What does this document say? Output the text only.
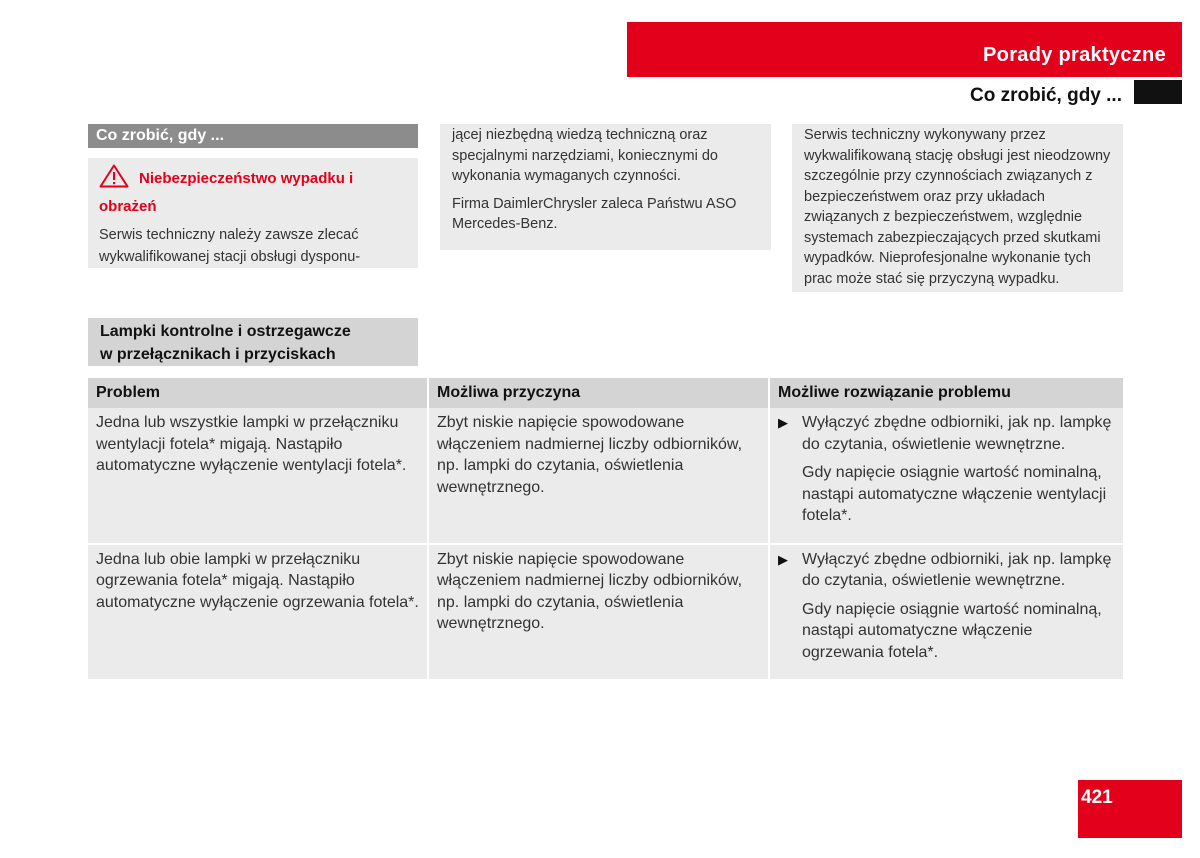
Porady praktyczne
Co zrobić, gdy ...
Co zrobić, gdy ...
Niebezpieczeństwo wypadku i obrażeń
Serwis techniczny należy zawsze zlecać wykwalifikowanej stacji obsługi dysponu-

jącej niezbędną wiedzą techniczną oraz specjalnymi narzędziami, koniecznymi do wykonania wymaganych czynności.

Firma DaimlerChrysler zaleca Państwu ASO Mercedes-Benz.

Serwis techniczny wykonywany przez wykwalifikowaną stację obsługi jest nieodzowny szczególnie przy czynnościach związanych z bezpieczeństwem oraz przy układach związanych z bezpieczeństwem, względnie systemach zabezpieczających przed skutkami wypadków. Nieprofesjonalne wykonanie tych prac może stać się przyczyną wypadku.

Lampki kontrolne i ostrzegawcze
w przełącznikach i przyciskach
Problem	Możliwa przyczyna	Możliwe rozwiązanie problemu
Jedna lub wszystkie lampki w przełączniku wentylacji fotela* migają. Nastąpiło automatyczne wyłączenie wentylacji fotela*.	Zbyt niskie napięcie spowodowane włączeniem nadmiernej liczby odbiorników, np. lampki do czytania, oświetlenia wewnętrznego.	▶ Wyłączyć zbędne odbiorniki, jak np. lampkę do czytania, oświetlenie wewnętrzne.

Gdy napięcie osiągnie wartość nominalną, nastąpi automatyczne włączenie wentylacji fotela*.

Jedna lub obie lampki w przełączniku ogrzewania fotela* migają. Nastąpiło automatyczne wyłączenie ogrzewania fotela*.	Zbyt niskie napięcie spowodowane włączeniem nadmiernej liczby odbiorników, np. lampki do czytania, oświetlenia wewnętrznego.	▶ Wyłączyć zbędne odbiorniki, jak np. lampkę do czytania, oświetlenie wewnętrzne.

Gdy napięcie osiągnie wartość nominalną, nastąpi automatyczne włączenie ogrzewania fotela*.

421
